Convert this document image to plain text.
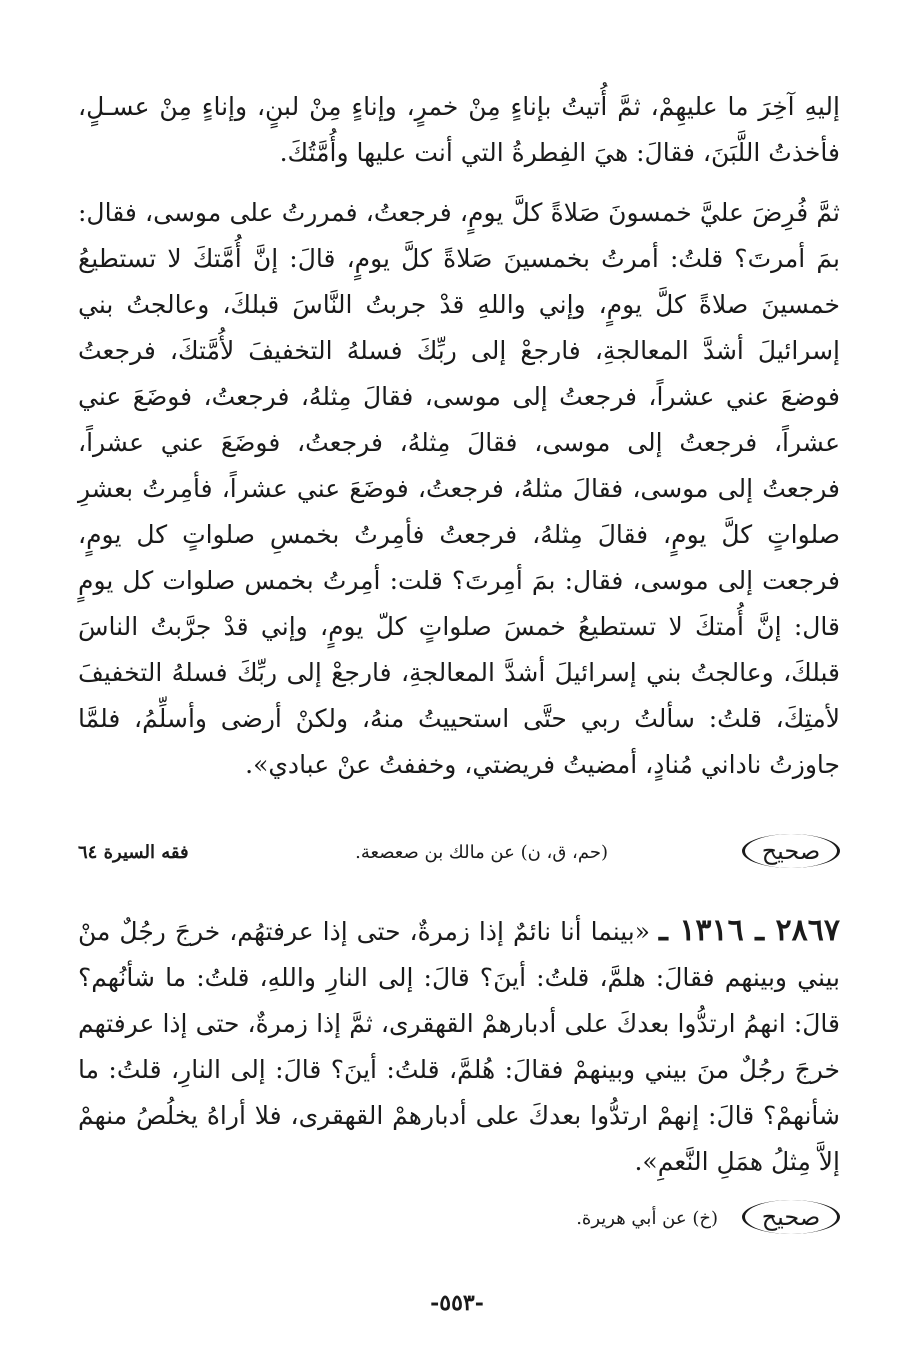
إليهِ آخِرَ ما عليهِمْ، ثمَّ أُتيتُ بإناءٍ مِنْ خمرٍ، وإناءٍ مِنْ لبنٍ، وإناءٍ مِنْ عسـلٍ، فأخذتُ اللَّبَنَ، فقالَ: هيَ الفِطرةُ التي أنت عليها وأُمَّتُكَ.

ثمَّ فُرِضَ عليَّ خمسونَ صَلاةً كلَّ يومٍ، فرجعتُ، فمررتُ على موسى، فقال: بمَ أمرتَ؟ قلتُ: أمرتُ بخمسينَ صَلاةً كلَّ يومٍ، قالَ: إنَّ أُمَّتكَ لا تستطيعُ خمسينَ صلاةً كلَّ يومٍ، وإني واللهِ قدْ جربتُ النَّاسَ قبلكَ، وعالجتُ بني إسرائيلَ أشدَّ المعالجةِ، فارجعْ إلى ربِّكَ فسلهُ التخفيفَ لأُمَّتكَ، فرجعتُ فوضعَ عني عشراً، فرجعتُ إلى موسى، فقالَ مِثلهُ، فرجعتُ، فوضَعَ عني عشراً، فرجعتُ إلى موسى، فقالَ مِثلهُ، فرجعتُ، فوضَعَ عني عشراً، فرجعتُ إلى موسى، فقالَ مثلهُ، فرجعتُ، فوضَعَ عني عشراً، فأمِرتُ بعشرِ صلواتٍ كلَّ يومٍ، فقالَ مِثلهُ، فرجعتُ فأمِرتُ بخمسِ صلواتٍ كل يومٍ، فرجعت إلى موسى، فقال: بمَ أمِرتَ؟ قلت: أمِرتُ بخمس صلوات كل يومٍ قال: إنَّ أُمتكَ لا تستطيعُ خمسَ صلواتٍ كلّ يومٍ، وإني قدْ جرَّبتُ الناسَ قبلكَ، وعالجتُ بني إسرائيلَ أشدَّ المعالجةِ، فارجعْ إلى ربِّكَ فسلهُ التخفيفَ لأمتِكَ، قلتُ: سألتُ ربي حتَّى استحييتُ منهُ، ولكنْ أرضى وأسلِّمُ، فلمَّا جاوزتُ ناداني مُنادٍ، أمضيتُ فريضتي، وخففتُ عنْ عبادي».

صحيح
(حم، ق، ن) عن مالك بن صعصعة.
فقه السيرة ٦٤

٢٨٦٧ ـ ١٣١٦ ـ «بينما أنا نائمٌ إذا زمرةٌ، حتى إذا عرفتهُم، خرجَ رجُلٌ منْ بيني وبينهم فقالَ: هلمَّ، قلتُ: أينَ؟ قالَ: إلى النارِ واللهِ، قلتُ: ما شأنُهم؟ قالَ: انهمُ ارتدُّوا بعدكَ على أدبارهمْ القهقرى، ثمَّ إذا زمرةٌ، حتى إذا عرفتهم خرجَ رجُلٌ منَ بيني وبينهمْ فقالَ: هُلمَّ، قلتُ: أينَ؟ قالَ: إلى النارِ، قلتُ: ما شأنهمْ؟ قالَ: إنهمْ ارتدُّوا بعدكَ على أدبارهمْ القهقرى، فلا أراهُ يخلُصُ منهمْ إلاَّ مِثلُ همَلِ النَّعمِ».

صحيح
(خ) عن أبي هريرة.
-٥٥٣-
